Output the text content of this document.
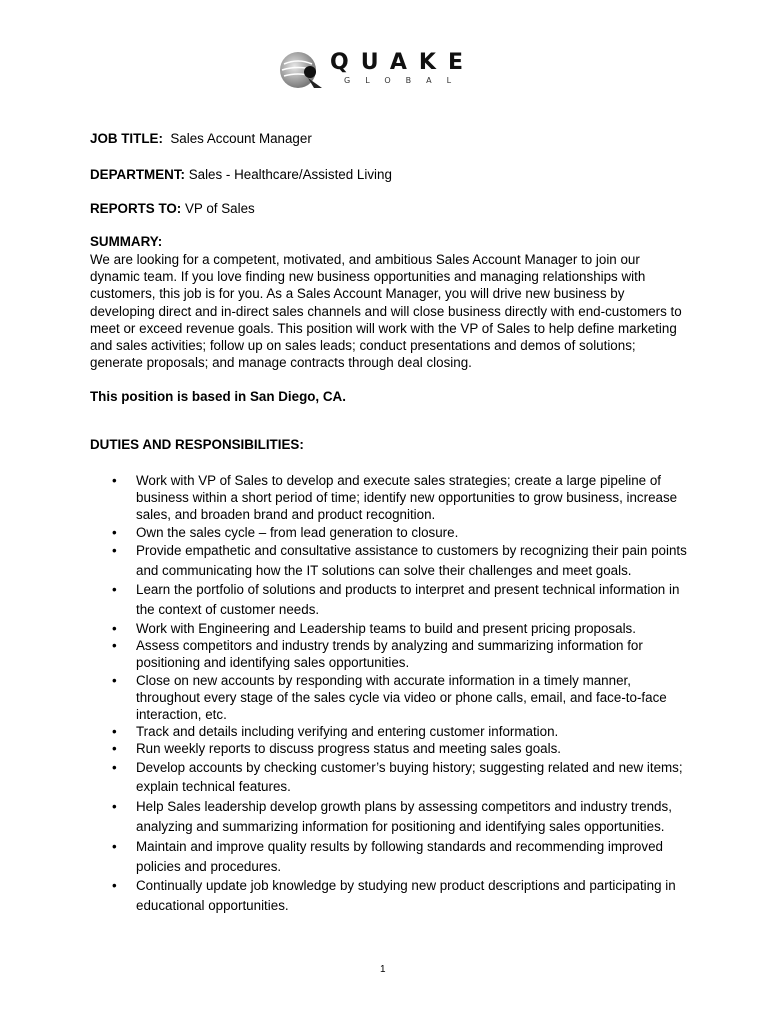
QUAKE
GLOBAL
JOB TITLE: Sales Account Manager
DEPARTMENT: Sales - Healthcare/Assisted Living
REPORTS TO: VP of Sales
SUMMARY:
We are looking for a competent, motivated, and ambitious Sales Account Manager to join our dynamic team. If you love finding new business opportunities and managing relationships with customers, this job is for you. As a Sales Account Manager, you will drive new business by developing direct and in-direct sales channels and will close business directly with end-customers to meet or exceed revenue goals. This position will work with the VP of Sales to help define marketing and sales activities; follow up on sales leads; conduct presentations and demos of solutions; generate proposals; and manage contracts through deal closing.
This position is based in San Diego, CA.
DUTIES AND RESPONSIBILITIES:
• Work with VP of Sales to develop and execute sales strategies; create a large pipeline of business within a short period of time; identify new opportunities to grow business, increase sales, and broaden brand and product recognition.
• Own the sales cycle – from lead generation to closure.
• Provide empathetic and consultative assistance to customers by recognizing their pain points and communicating how the IT solutions can solve their challenges and meet goals.
• Learn the portfolio of solutions and products to interpret and present technical information in the context of customer needs.
• Work with Engineering and Leadership teams to build and present pricing proposals.
• Assess competitors and industry trends by analyzing and summarizing information for positioning and identifying sales opportunities.
• Close on new accounts by responding with accurate information in a timely manner, throughout every stage of the sales cycle via video or phone calls, email, and face-to-face interaction, etc.
• Track and details including verifying and entering customer information.
• Run weekly reports to discuss progress status and meeting sales goals.
• Develop accounts by checking customer’s buying history; suggesting related and new items; explain technical features.
• Help Sales leadership develop growth plans by assessing competitors and industry trends, analyzing and summarizing information for positioning and identifying sales opportunities.
• Maintain and improve quality results by following standards and recommending improved policies and procedures.
• Continually update job knowledge by studying new product descriptions and participating in educational opportunities.
1
